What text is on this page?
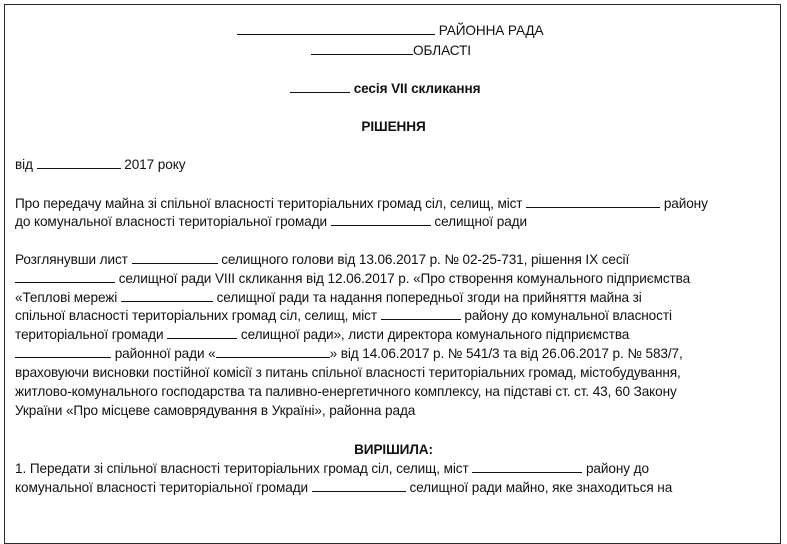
РАЙОННА РАДА
ОБЛАСТІ
сесія VII скликання
РІШЕННЯ
від	2017 року
Про передачу майна зі спільної власності територіальних громад сіл, селищ, міст	району
до комунальної власності територіальної громади	селищної ради
Розглянувши лист	селищного голови від 13.06.2017 р. № 02-25-731, рішення IX сесії
селищної ради VIII скликання від 12.06.2017 р. «Про створення комунального підприємства
«Теплові мережі	селищної ради та надання попередньої згоди на прийняття майна зі
спільної власності територіальних громад сіл, селищ, міст	району до комунальної власності
територіальної громади	селищної ради», листи директора комунального підприємства
районної ради «	» від 14.06.2017 р. № 541/3 та від 26.06.2017 р. № 583/7,
враховуючи висновки постійної комісії з питань спільної власності територіальних громад, містобудування,
житлово-комунального господарства та паливно-енергетичного комплексу, на підставі ст. ст. 43, 60 Закону
України «Про місцеве самоврядування в Україні», районна рада
ВИРІШИЛА:
1. Передати зі спільної власності територіальних громад сіл, селищ, міст	району до
комунальної власності територіальної громади	селищної ради майно, яке знаходиться на
